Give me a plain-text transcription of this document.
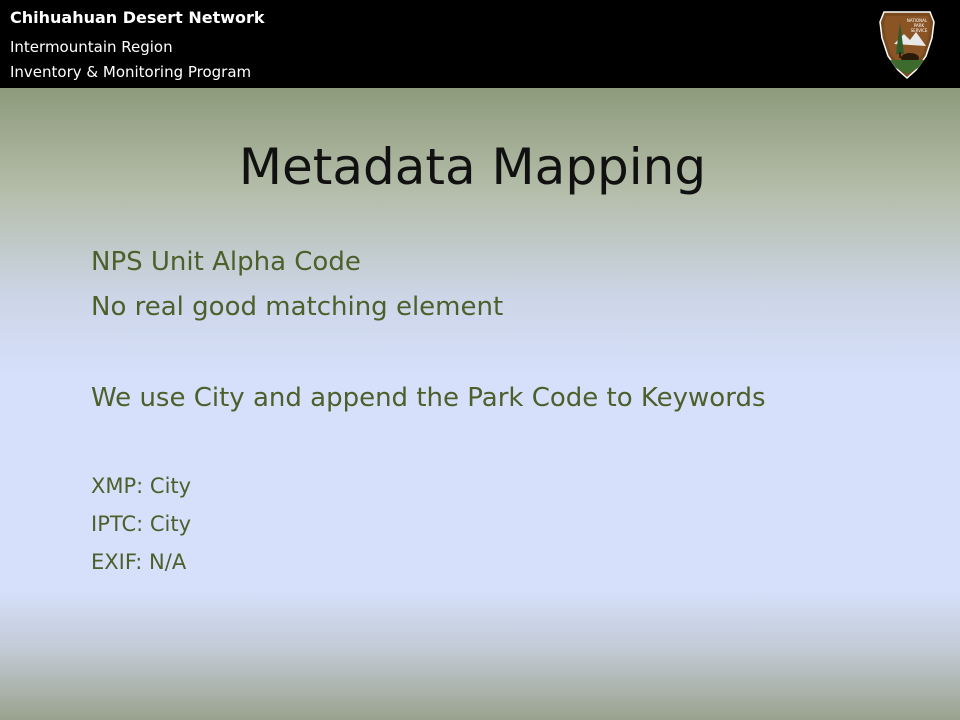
Chihuahuan Desert Network
Intermountain Region
Inventory & Monitoring Program
NATIONAL
PARK
SERVICE
Metadata Mapping
NPS Unit Alpha Code
No real good matching element
We use City and append the Park Code to Keywords
XMP: City
IPTC: City
EXIF: N/A
